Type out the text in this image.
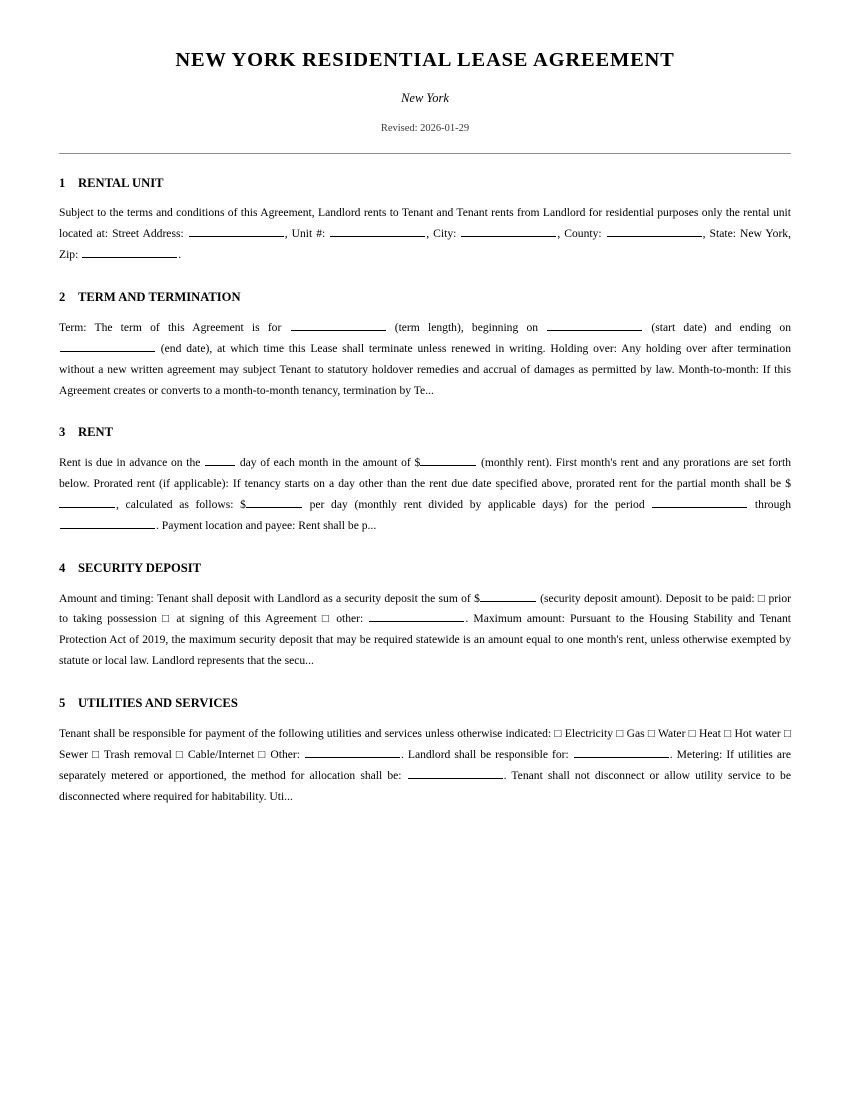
NEW YORK RESIDENTIAL LEASE AGREEMENT

New York

Revised: 2026-01-29

1 RENTAL UNIT

Subject to the terms and conditions of this Agreement, Landlord rents to Tenant and Tenant rents from Landlord for residential purposes only the rental unit located at: Street Address:	, Unit #:	, City:	, County:	, State: New York, Zip:	.

2 TERM AND TERMINATION

Term: The term of this Agreement is for	(term length), beginning on	(start date) and ending on  (end date), at which time this Lease shall terminate unless renewed in writing. Holding over: Any holding over after termination without a new written agreement may subject Tenant to statutory holdover remedies and accrual of damages as permitted by law. Month-to-month: If this Agreement creates or converts to a month-to-month tenancy, termination by Te...

3 RENT

Rent is due in advance on the	day of each month in the amount of $	(monthly rent). First month's rent and any prorations are set forth below. Prorated rent (if applicable): If tenancy starts on a day other than the rent due date specified above, prorated rent for the partial month shall be $, calculated as follows: $	per day (monthly rent divided by applicable days) for the period	through . Payment location and payee: Rent shall be p...

4 SECURITY DEPOSIT

Amount and timing: Tenant shall deposit with Landlord as a security deposit the sum of $	(security deposit amount). Deposit to be paid: □ prior to taking possession □ at signing of this Agreement □ other:	. Maximum amount: Pursuant to the Housing Stability and Tenant Protection Act of 2019, the maximum security deposit that may be required statewide is an amount equal to one month's rent, unless otherwise exempted by statute or local law. Landlord represents that the secu...

5 UTILITIES AND SERVICES

Tenant shall be responsible for payment of the following utilities and services unless otherwise indicated: □ Electricity □ Gas □ Water □ Heat □ Hot water □ Sewer □ Trash removal □ Cable/Internet □ Other:	. Landlord shall be responsible for:	. Metering: If utilities are separately metered or apportioned, the method for allocation shall be:	. Tenant shall not disconnect or allow utility service to be disconnected where required for habitability. Uti...
